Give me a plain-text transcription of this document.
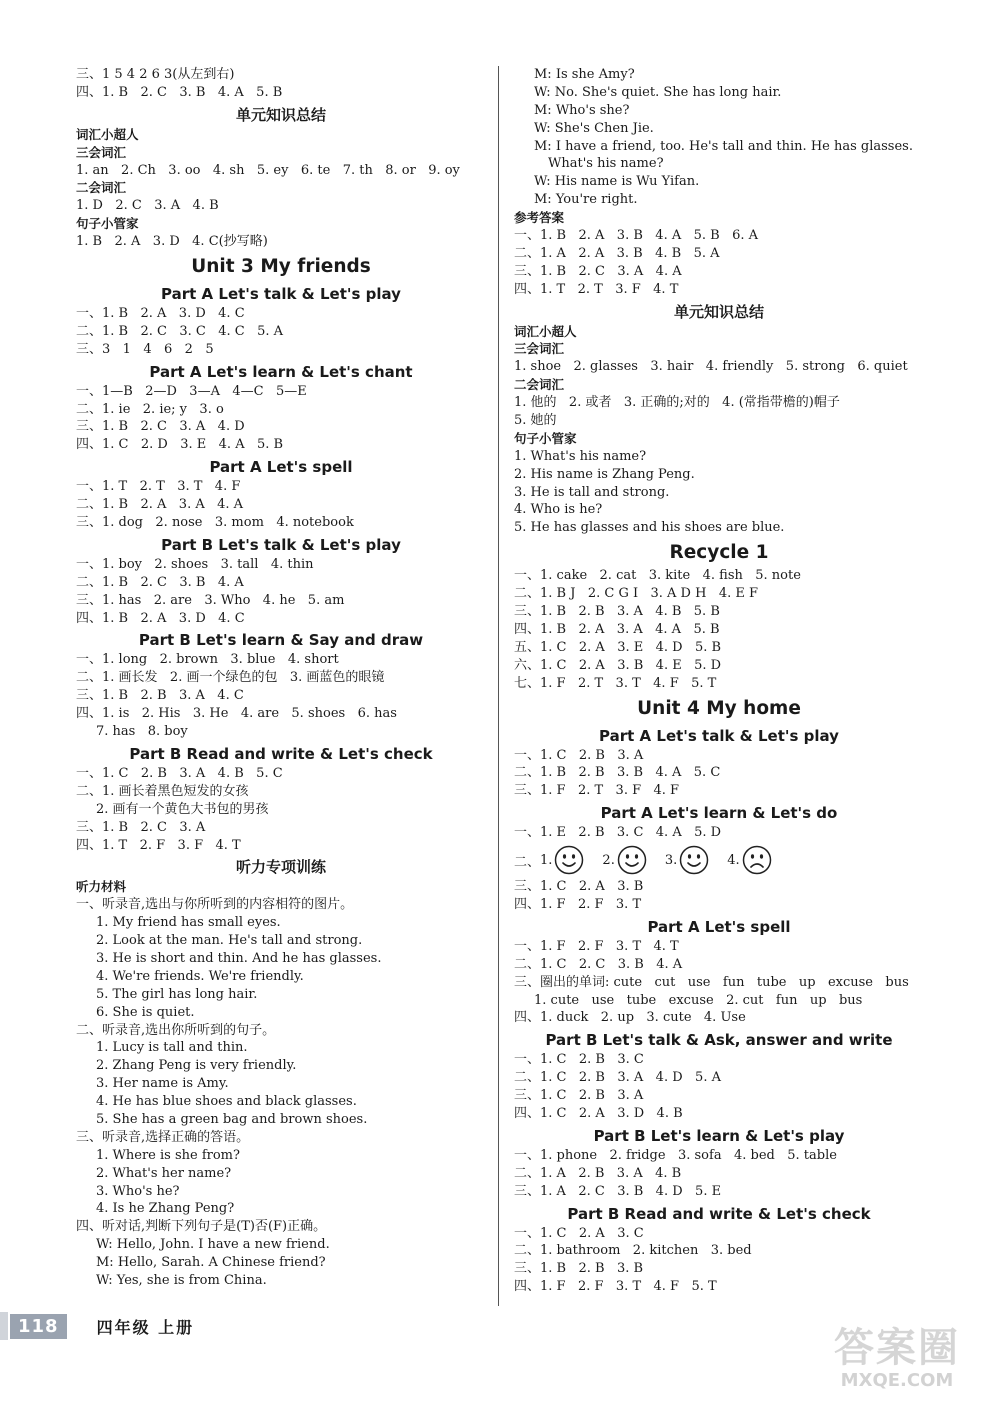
三、1 5 4 2 6 3(从左到右)
四、1. B   2. C   3. B   4. A   5. B
单元知识总结
词汇小超人
三会词汇
1. an   2. Ch   3. oo   4. sh   5. ey   6. te   7. th   8. or   9. oy
二会词汇
1. D   2. C   3. A   4. B
句子小管家
1. B   2. A   3. D   4. C(抄写略)
Unit 3 My friends
Part A Let's talk & Let's play
一、1. B   2. A   3. D   4. C
二、1. B   2. C   3. C   4. C   5. A
三、3   1   4   6   2   5
Part A Let's learn & Let's chant
一、1—B   2—D   3—A   4—C   5—E
二、1. ie   2. ie; y   3. o
三、1. B   2. C   3. A   4. D
四、1. C   2. D   3. E   4. A   5. B
Part A Let's spell
一、1. T   2. T   3. T   4. F
二、1. B   2. A   3. A   4. A
三、1. dog   2. nose   3. mom   4. notebook
Part B Let's talk & Let's play
一、1. boy   2. shoes   3. tall   4. thin
二、1. B   2. C   3. B   4. A
三、1. has   2. are   3. Who   4. he   5. am
四、1. B   2. A   3. D   4. C
Part B Let's learn & Say and draw
一、1. long   2. brown   3. blue   4. short
二、1. 画长发   2. 画一个绿色的包   3. 画蓝色的眼镜
三、1. B   2. B   3. A   4. C
四、1. is   2. His   3. He   4. are   5. shoes   6. has
7. has   8. boy
Part B Read and write & Let's check
一、1. C   2. B   3. A   4. B   5. C
二、1. 画长着黑色短发的女孩
2. 画有一个黄色大书包的男孩
三、1. B   2. C   3. A
四、1. T   2. F   3. F   4. T
听力专项训练
听力材料
一、听录音,选出与你所听到的内容相符的图片。
1. My friend has small eyes.
2. Look at the man. He's tall and strong.
3. He is short and thin. And he has glasses.
4. We're friends. We're friendly.
5. The girl has long hair.
6. She is quiet.
二、听录音,选出你所听到的句子。
1. Lucy is tall and thin.
2. Zhang Peng is very friendly.
3. Her name is Amy.
4. He has blue shoes and black glasses.
5. She has a green bag and brown shoes.
三、听录音,选择正确的答语。
1. Where is she from?
2. What's her name?
3. Who's he?
4. Is he Zhang Peng?
四、听对话,判断下列句子是(T)否(F)正确。
W: Hello, John. I have a new friend.
M: Hello, Sarah. A Chinese friend?
W: Yes, she is from China.
M: Is she Amy?
W: No. She's quiet. She has long hair.
M: Who's she?
W: She's Chen Jie.
M: I have a friend, too. He's tall and thin. He has glasses.
What's his name?
W: His name is Wu Yifan.
M: You're right.
参考答案
一、1. B   2. A   3. B   4. A   5. B   6. A
二、1. A   2. A   3. B   4. B   5. A
三、1. B   2. C   3. A   4. A
四、1. T   2. T   3. F   4. T
单元知识总结
词汇小超人
三会词汇
1. shoe   2. glasses   3. hair   4. friendly   5. strong   6. quiet
二会词汇
1. 他的   2. 或者   3. 正确的;对的   4. (常指带檐的)帽子
5. 她的
句子小管家
1. What's his name?
2. His name is Zhang Peng.
3. He is tall and strong.
4. Who is he?
5. He has glasses and his shoes are blue.
Recycle 1
一、1. cake   2. cat   3. kite   4. fish   5. note
二、1. B J   2. C G I   3. A D H   4. E F
三、1. B   2. B   3. A   4. B   5. B
四、1. B   2. A   3. A   4. A   5. B
五、1. C   2. A   3. E   4. D   5. B
六、1. C   2. A   3. B   4. E   5. D
七、1. F   2. T   3. T   4. F   5. T
Unit 4 My home
Part A Let's talk & Let's play
一、1. C   2. B   3. A
二、1. B   2. B   3. B   4. A   5. C
三、1. F   2. T   3. F   4. F
Part A Let's learn & Let's do
一、1. E   2. B   3. C   4. A   5. D
二、 1.	2.	3.	4.
三、1. C   2. A   3. B
四、1. F   2. F   3. T
Part A Let's spell
一、1. F   2. F   3. T   4. T
二、1. C   2. C   3. B   4. A
三、圈出的单词: cute   cut   use   fun   tube   up   excuse   bus
1. cute   use   tube   excuse   2. cut   fun   up   bus
四、1. duck   2. up   3. cute   4. Use
Part B Let's talk & Ask, answer and write
一、1. C   2. B   3. C
二、1. C   2. B   3. A   4. D   5. A
三、1. C   2. B   3. A
四、1. C   2. A   3. D   4. B
Part B Let's learn & Let's play
一、1. phone   2. fridge   3. sofa   4. bed   5. table
二、1. A   2. B   3. A   4. B
三、1. A   2. C   3. B   4. D   5. E
Part B Read and write & Let's check
一、1. C   2. A   3. C
二、1. bathroom   2. kitchen   3. bed
三、1. B   2. B   3. B
四、1. F   2. F   3. T   4. F   5. T
118	四年级 上册	答案圈
MXQE.COM
